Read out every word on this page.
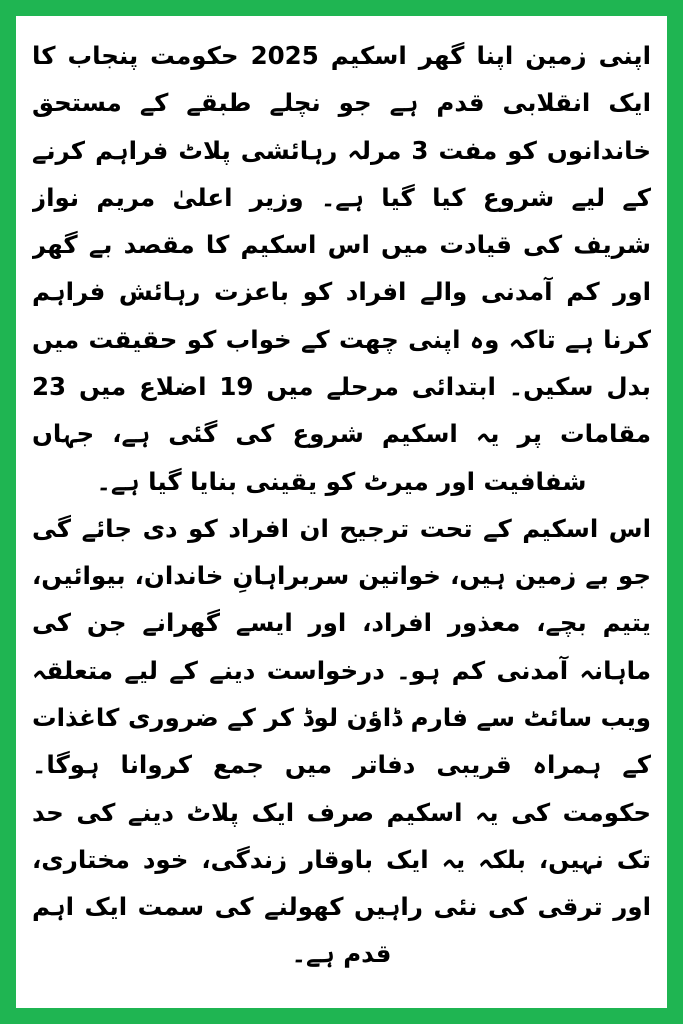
اپنی زمین اپنا گھر اسکیم 2025 حکومت پنجاب کا ایک انقلابی قدم ہے جو نچلے طبقے کے مستحق خاندانوں کو مفت 3 مرلہ رہائشی پلاٹ فراہم کرنے کے لیے شروع کیا گیا ہے۔ وزیر اعلیٰ مریم نواز شریف کی قیادت میں اس اسکیم کا مقصد بے گھر اور کم آمدنی والے افراد کو باعزت رہائش فراہم کرنا ہے تاکہ وہ اپنی چھت کے خواب کو حقیقت میں بدل سکیں۔ ابتدائی مرحلے میں 19 اضلاع میں 23 مقامات پر یہ اسکیم شروع کی گئی ہے، جہاں شفافیت اور میرٹ کو یقینی بنایا گیا ہے۔

اس اسکیم کے تحت ترجیح ان افراد کو دی جائے گی جو بے زمین ہیں، خواتین سربراہانِ خاندان، بیوائیں، یتیم بچے، معذور افراد، اور ایسے گھرانے جن کی ماہانہ آمدنی کم ہو۔ درخواست دینے کے لیے متعلقہ ویب سائٹ سے فارم ڈاؤن لوڈ کر کے ضروری کاغذات کے ہمراہ قریبی دفاتر میں جمع کروانا ہوگا۔ حکومت کی یہ اسکیم صرف ایک پلاٹ دینے کی حد تک نہیں، بلکہ یہ ایک باوقار زندگی، خود مختاری، اور ترقی کی نئی راہیں کھولنے کی سمت ایک اہم قدم ہے۔
